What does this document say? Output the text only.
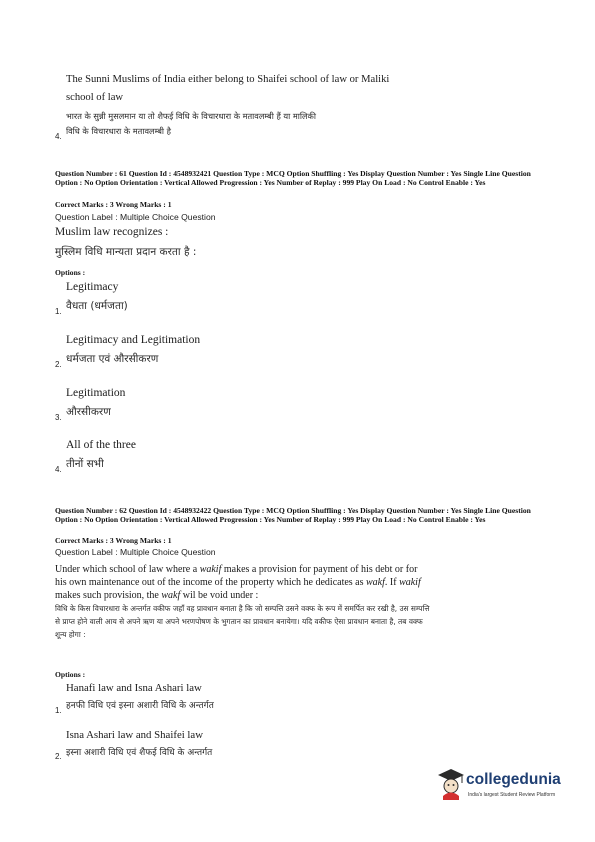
The Sunni Muslims of India either belong to Shaifei school of law or Maliki
school of law
भारत के सुन्नी मुसलमान या तो शैफई विधि के विचारधारा के मतावलम्बी हैं या मालिकी
4.
विधि के विचारधारा के मतावलम्बी है
Question Number : 61 Question Id : 4548932421 Question Type : MCQ Option Shuffling : Yes Display Question Number : Yes Single Line Question Option : No Option Orientation : Vertical Allowed Progression : Yes Number of Replay : 999 Play On Load : No Control Enable : Yes
Correct Marks : 3 Wrong Marks : 1
Question Label : Multiple Choice Question
Muslim law recognizes :
मुस्लिम विधि मान्यता प्रदान करता है :
Options :
Legitimacy
1. वैधता (धर्मजता)
Legitimacy and Legitimation
2. धर्मजता एवं औरसीकरण
Legitimation
3. औरसीकरण
All of the three
4. तीनों सभी
Question Number : 62 Question Id : 4548932422 Question Type : MCQ Option Shuffling : Yes Display Question Number : Yes Single Line Question Option : No Option Orientation : Vertical Allowed Progression : Yes Number of Replay : 999 Play On Load : No Control Enable : Yes
Correct Marks : 3 Wrong Marks : 1
Question Label : Multiple Choice Question
Under which school of law where a wakif makes a provision for payment of his debt or for his own maintenance out of the income of the property which he dedicates as wakf. If wakif makes such provision, the wakf wil be void under :
विधि के किस विचारधारा के अन्तर्गत वकीफ जहाँ वह प्रावधान बनाता है कि जो सम्पत्ति उसने वक्फ के रूप में समर्पित कर रखी है, उस सम्पत्ति से प्राप्त होने वाली आय से अपने ऋण या अपने भरणपोषण के भुगतान का प्रावधान बनायेगा। यदि वकीफ ऐसा प्रावधान बनाता है, तब वक्फ शून्य होगा :
Options :
Hanafi law and Isna Ashari law
1. हनफी विधि एवं इस्ना अशारी विधि के अन्तर्गत
Isna Ashari law and Shaifei law
2. इस्ना अशारी विधि एवं शैफई विधि के अन्तर्गत
collegedunia
India's largest Student Review Platform
